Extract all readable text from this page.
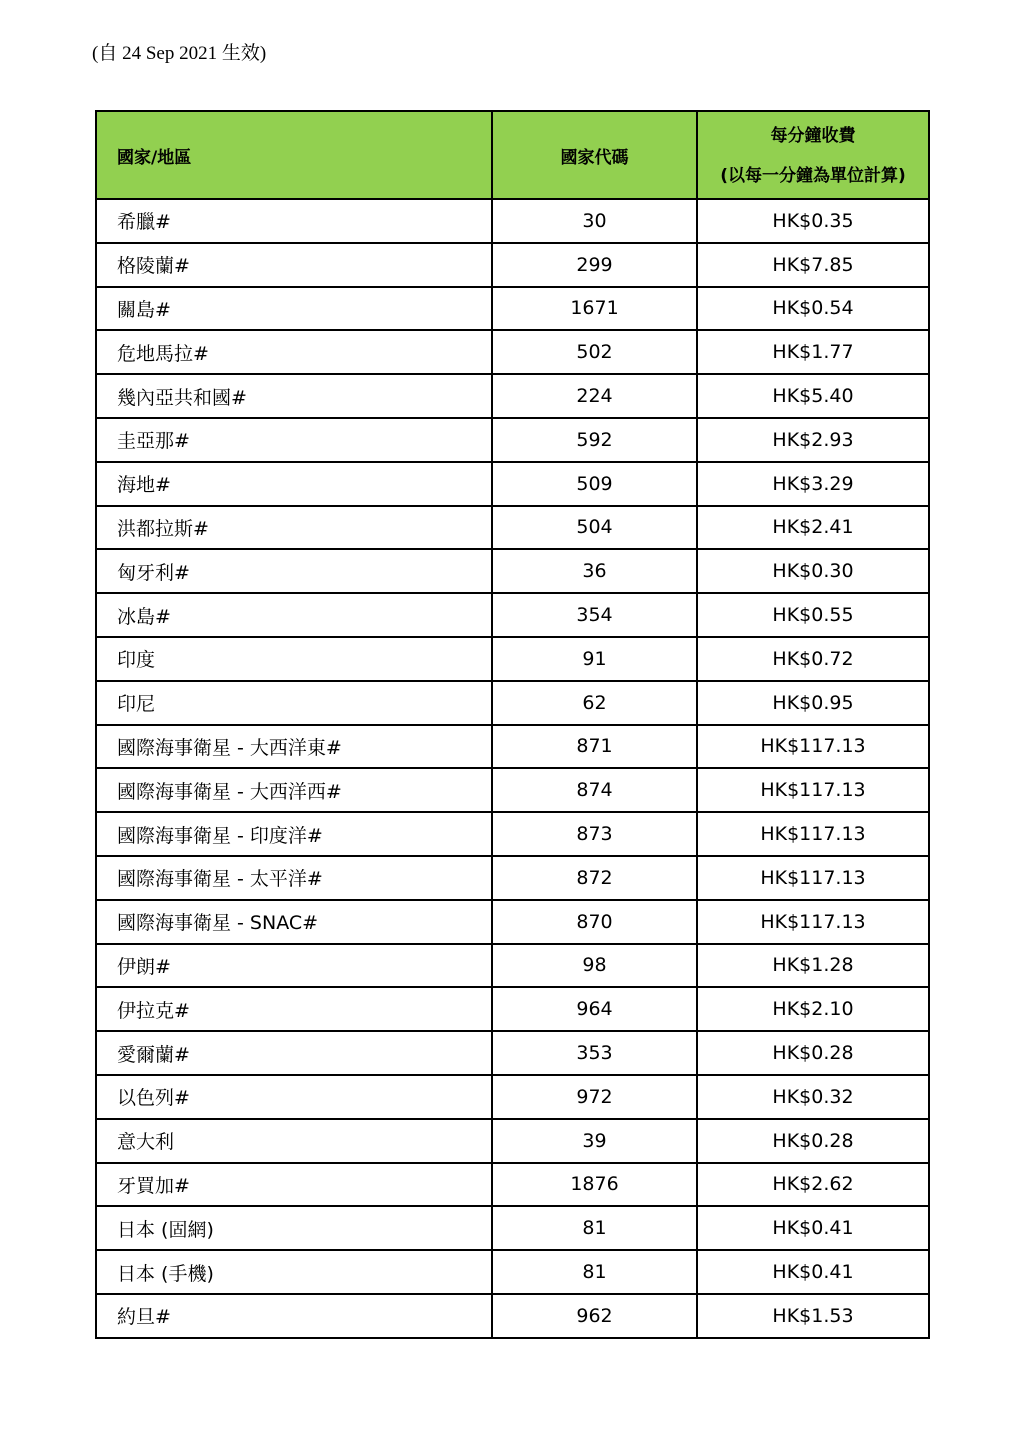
(自 24 Sep 2021 生效)
國家/地區	國家代碼	每分鐘收費
(以每一分鐘為單位計算)

希臘#	30	HK$0.35
格陵蘭#	299	HK$7.85
關島#	1671	HK$0.54
危地馬拉#	502	HK$1.77
幾內亞共和國#	224	HK$5.40
圭亞那#	592	HK$2.93
海地#	509	HK$3.29
洪都拉斯#	504	HK$2.41
匈牙利#	36	HK$0.30
冰島#	354	HK$0.55
印度	91	HK$0.72
印尼	62	HK$0.95
國際海事衛星 - 大西洋東#	871	HK$117.13
國際海事衛星 - 大西洋西#	874	HK$117.13
國際海事衛星 - 印度洋#	873	HK$117.13
國際海事衛星 - 太平洋#	872	HK$117.13
國際海事衛星 - SNAC#	870	HK$117.13
伊朗#	98	HK$1.28
伊拉克#	964	HK$2.10
愛爾蘭#	353	HK$0.28
以色列#	972	HK$0.32
意大利	39	HK$0.28
牙買加#	1876	HK$2.62
日本 (固網)	81	HK$0.41
日本 (手機)	81	HK$0.41
約旦#	962	HK$1.53
